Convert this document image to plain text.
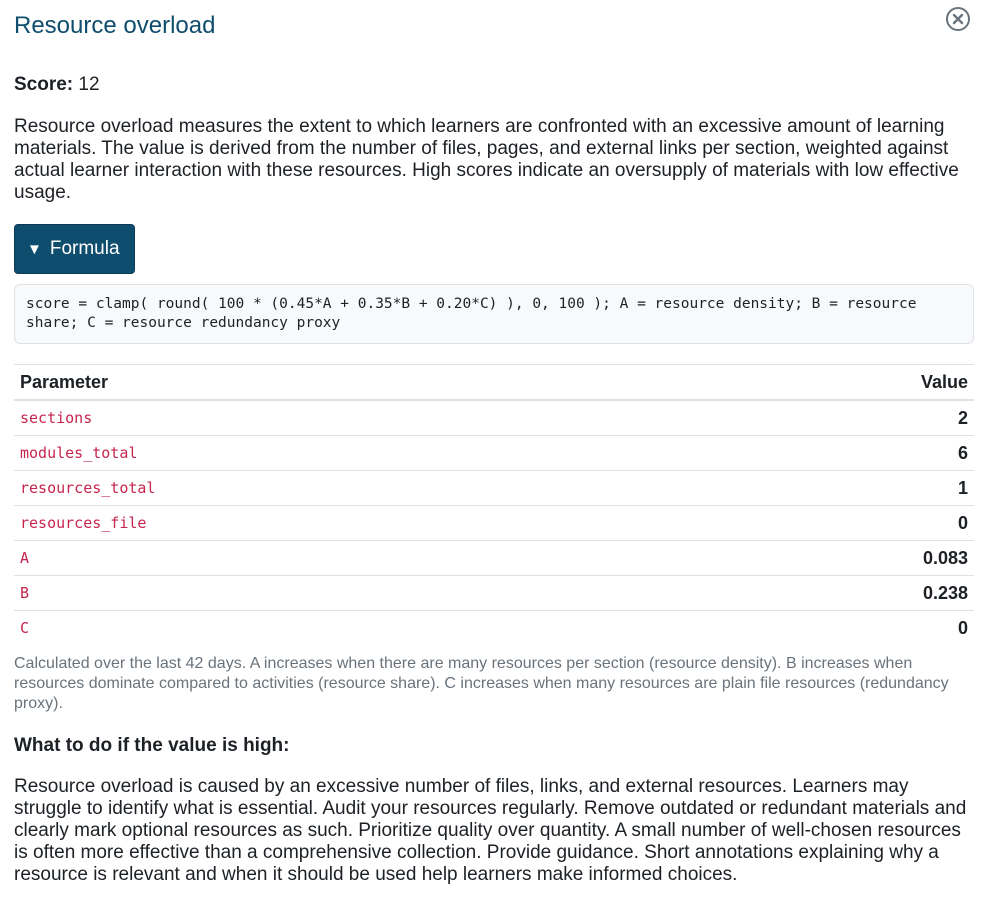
Resource overload
Score: 12

Resource overload measures the extent to which learners are confronted with an excessive amount of learning materials. The value is derived from the number of files, pages, and external links per section, weighted against actual learner interaction with these resources. High scores indicate an oversupply of materials with low effective usage.

▼ Formula
score = clamp( round( 100 * (0.45*A + 0.35*B + 0.20*C) ), 0, 100 ); A = resource density; B = resource share; C = resource redundancy proxy
Parameter	Value
sections	2
modules_total	6
resources_total	1
resources_file	0
A	0.083
B	0.238
C	0

Calculated over the last 42 days. A increases when there are many resources per section (resource density). B increases when resources dominate compared to activities (resource share). C increases when many resources are plain file resources (redundancy proxy).

What to do if the value is high:

Resource overload is caused by an excessive number of files, links, and external resources. Learners may struggle to identify what is essential. Audit your resources regularly. Remove outdated or redundant materials and clearly mark optional resources as such. Prioritize quality over quantity. A small number of well-chosen resources is often more effective than a comprehensive collection. Provide guidance. Short annotations explaining why a resource is relevant and when it should be used help learners make informed choices.
